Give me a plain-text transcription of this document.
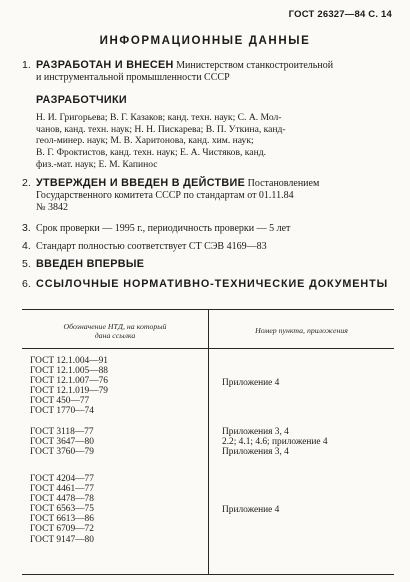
ГОСТ 26327—84 С. 14
ИНФОРМАЦИОННЫЕ ДАННЫЕ
1. РАЗРАБОТАН И ВНЕСЕН Министерством станкостроительной
и инструментальной промышленности СССР
РАЗРАБОТЧИКИ
Н. И. Григорьева; В. Г. Казаков; канд. техн. наук; С. А. Мол-
чанов, канд. техн. наук; Н. Н. Пискарева; В. П. Уткина, канд-
геол-минер. наук; М. В. Харитонова, канд. хим. наук;
В. Г. Фроктистов, канд. техн. наук; Е. А. Чистяков, канд.
физ.-мат. наук; Е. М. Капинос
2. УТВЕРЖДЕН И ВВЕДЕН В ДЕЙСТВИЕ Постановлением
Государственного комитета СССР по стандартам от 01.11.84
№ 3842
3. Срок проверки — 1995 г., периодичность проверки — 5 лет
4. Стандарт полностью соответствует СТ СЭВ 4169—83
5. ВВЕДЕН ВПЕРВЫЕ
6. ССЫЛОЧНЫЕ НОРМАТИВНО-ТЕХНИЧЕСКИЕ ДОКУМЕНТЫ
Обозначение НТД, на который
дана ссылка
Номер пункта, приложения
ГОСТ 12.1.004—91
ГОСТ 12.1.005—88
ГОСТ 12.1.007—76
ГОСТ 12.1.019—79
ГОСТ 450—77
ГОСТ 1770—74
Приложение 4
ГОСТ 3118—77
ГОСТ 3647—80
ГОСТ 3760—79
Приложения 3, 4
2.2; 4.1; 4.6; приложение 4
Приложения 3, 4
ГОСТ 4204—77
ГОСТ 4461—77
ГОСТ 4478—78
ГОСТ 6563—75
ГОСТ 6613—86
ГОСТ 6709—72
ГОСТ 9147—80
Приложение 4
